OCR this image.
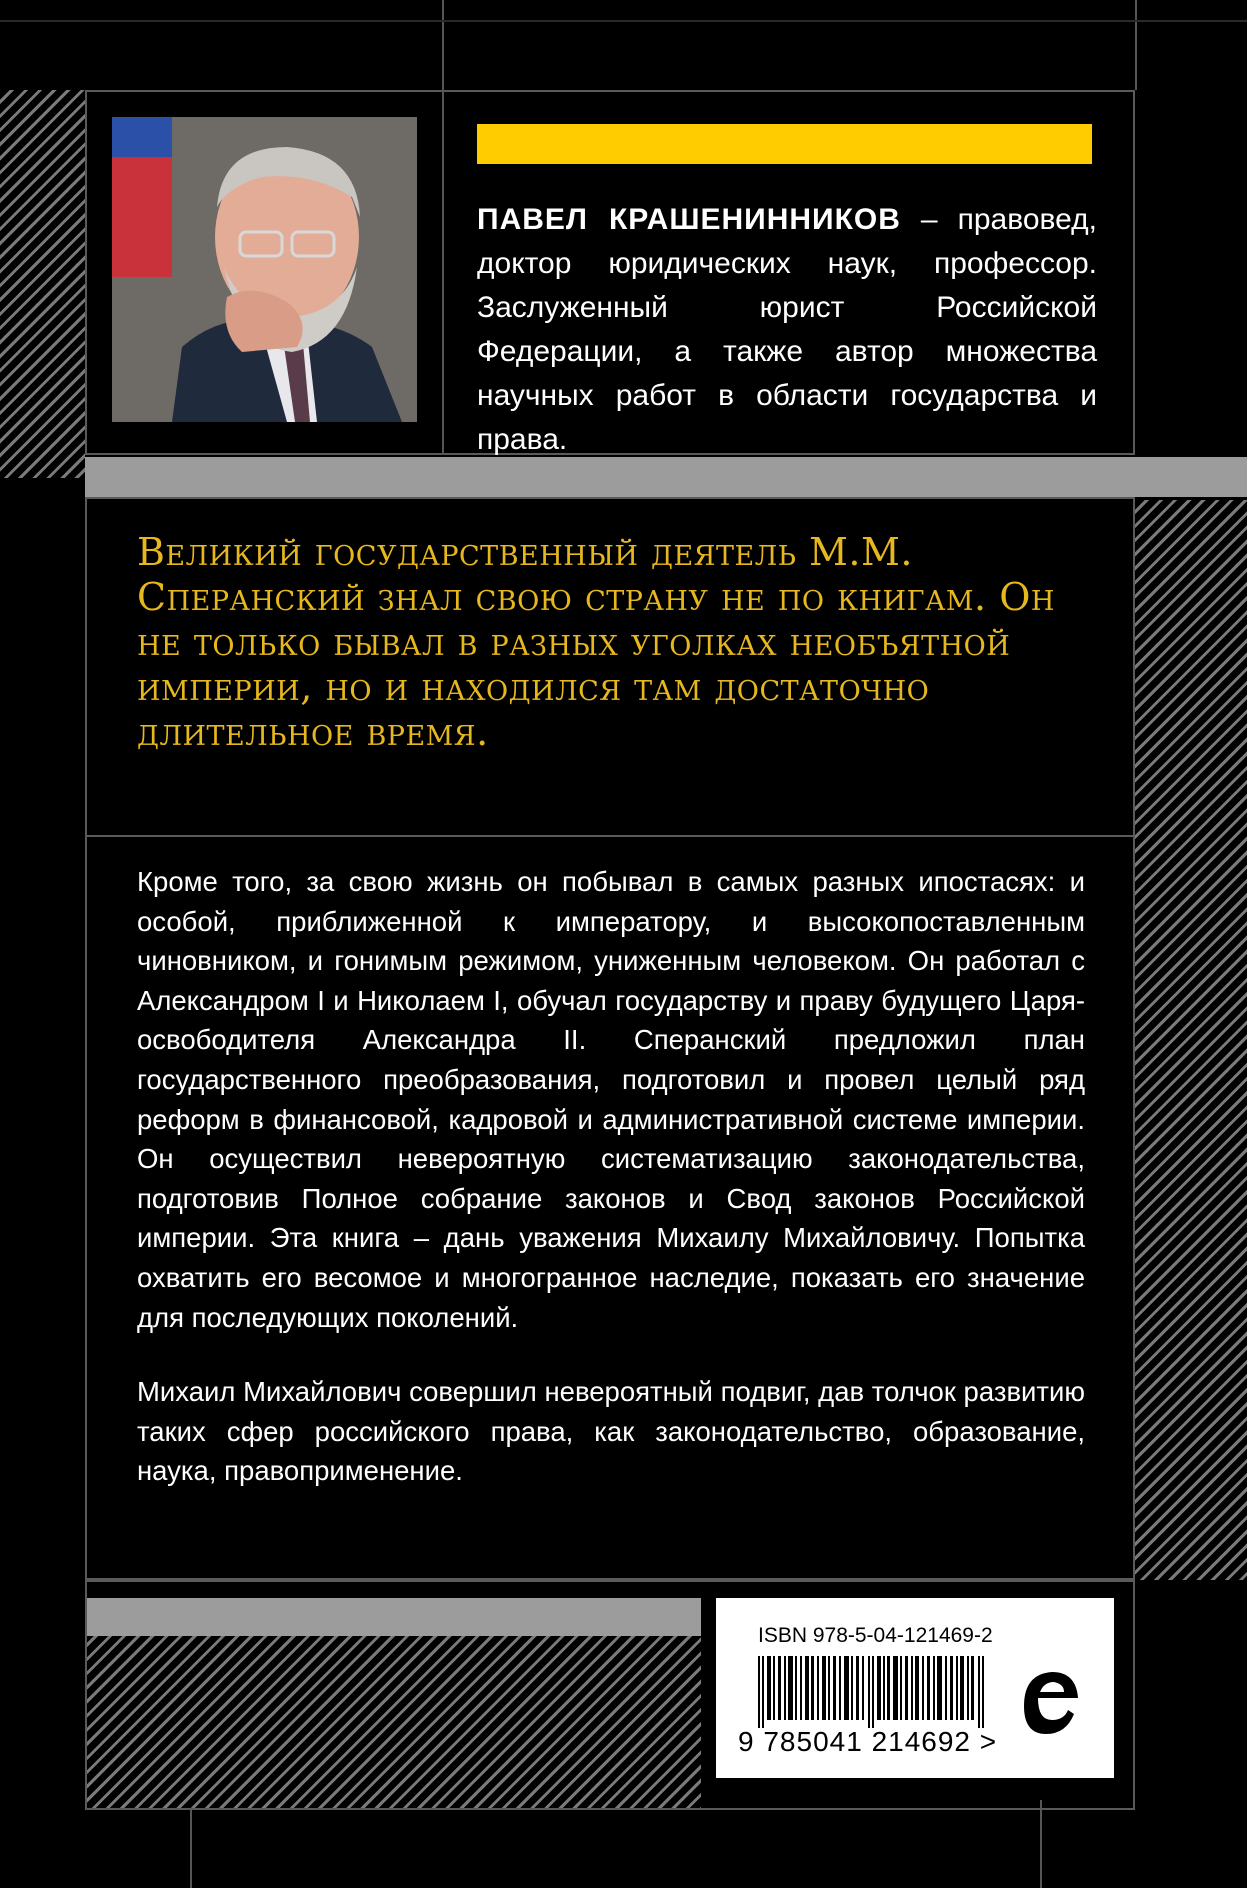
ПАВЕЛ КРАШЕНИННИКОВ – правовед, доктор юридических наук, профессор. Заслуженный юрист Российской Федерации, а также автор множества научных работ в области государства и права.
Великий государственный деятель М.М. Сперанский знал свою страну не по книгам. Он не только бывал в разных уголках необъятной империи, но и находился там достаточно длительное время.

Кроме того, за свою жизнь он побывал в самых разных ипостасях: и особой, приближенной к императору, и высокопоставленным чиновником, и гонимым режимом, униженным человеком. Он работал с Александром I и Николаем I, обучал государству и праву будущего Царя-освободителя Александра II. Сперанский предложил план государственного преобразования, подготовил и провел целый ряд реформ в финансовой, кадровой и административной системе империи. Он осуществил невероятную систематизацию законодательства, подготовив Полное собрание законов и Свод законов Российской империи. Эта книга – дань уважения Михаилу Михайловичу. Попытка охватить его весомое и многогранное наследие, показать его значение для последующих поколений.

Михаил Михайлович совершил невероятный подвиг, дав толчок развитию таких сфер российского права, как законодательство, образование, наука, правоприменение.

ISBN 978-5-04-121469-2
9 785041 214692 >
